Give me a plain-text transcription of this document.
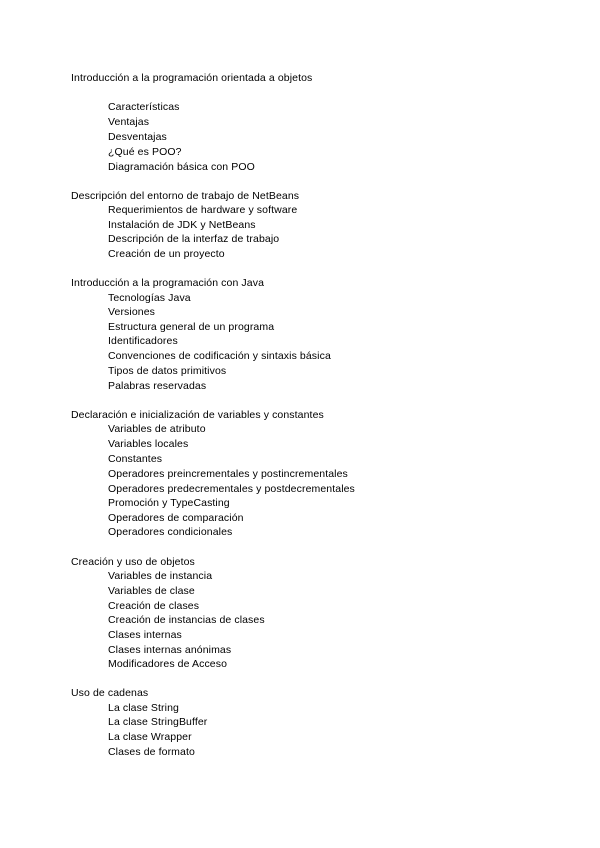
Introducción a la programación orientada a objetos
Características
Ventajas
Desventajas
¿Qué es POO?
Diagramación básica con POO
Descripción del entorno de trabajo de NetBeans
Requerimientos de hardware y software
Instalación de JDK y NetBeans
Descripción de la interfaz de trabajo
Creación de un proyecto
Introducción a la programación con Java
Tecnologías Java
Versiones
Estructura general de un programa
Identificadores
Convenciones de codificación y sintaxis básica
Tipos de datos primitivos
Palabras reservadas
Declaración e inicialización de variables y constantes
Variables de atributo
Variables locales
Constantes
Operadores preincrementales y postincrementales
Operadores predecrementales y postdecrementales
Promoción y TypeCasting
Operadores de comparación
Operadores condicionales
Creación y uso de objetos
Variables de instancia
Variables de clase
Creación de clases
Creación de instancias de clases
Clases internas
Clases internas anónimas
Modificadores de Acceso
Uso de cadenas
La clase String
La clase StringBuffer
La clase Wrapper
Clases de formato
